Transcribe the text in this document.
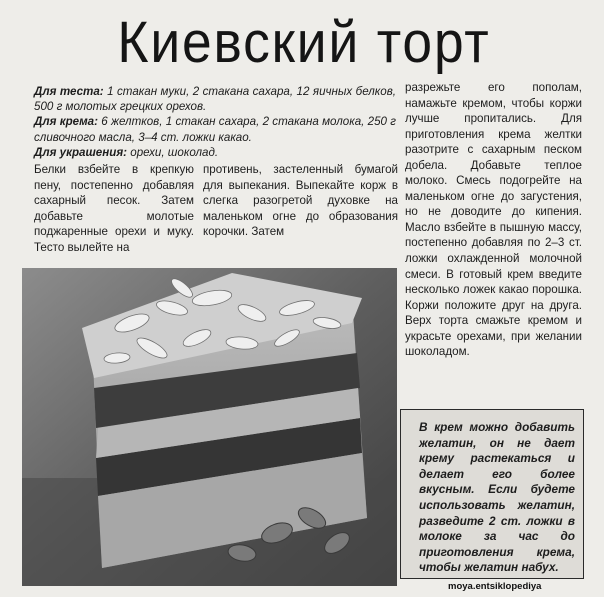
Киевский торт

Для теста: 1 стакан муки, 2 стакана сахара, 12 яичных белков, 500 г молотых грецких орехов.

Для крема: 6 желтков, 1 стакан сахара, 2 стакана молока, 250 г сливочного масла, 3–4 ст. ложки какао.

Для украшения: орехи, шоколад.

Белки взбейте в крепкую пену, постепенно добавляя сахарный песок. Затем добавьте молотые поджаренные орехи и муку. Тесто вылейте на

противень, застеленный бумагой для выпекания. Выпекайте корж в слегка разогретой духовке на маленьком огне до образования корочки. Затем

разрежьте его пополам, намажьте кремом, чтобы коржи лучше пропитались. Для приготовления крема желтки разотрите с сахарным песком добела. Добавьте теплое молоко. Смесь подогрейте на маленьком огне до загустения, но не доводите до кипения. Масло взбейте в пышную массу, постепенно добавляя по 2–3 ст. ложки охлажденной молочной смеси. В готовый крем введите несколько ложек какао порошка. Коржи положите друг на друга. Верх торта смажьте кремом и украсьте орехами, при желании шоколадом.

В крем можно добавить желатин, он не дает крему растекаться и делает его более вкусным. Если будете использовать желатин, разведите 2 ст. ложки в молоке за час до приготовления крема, чтобы желатин набух.

moya.entsiklopediya
